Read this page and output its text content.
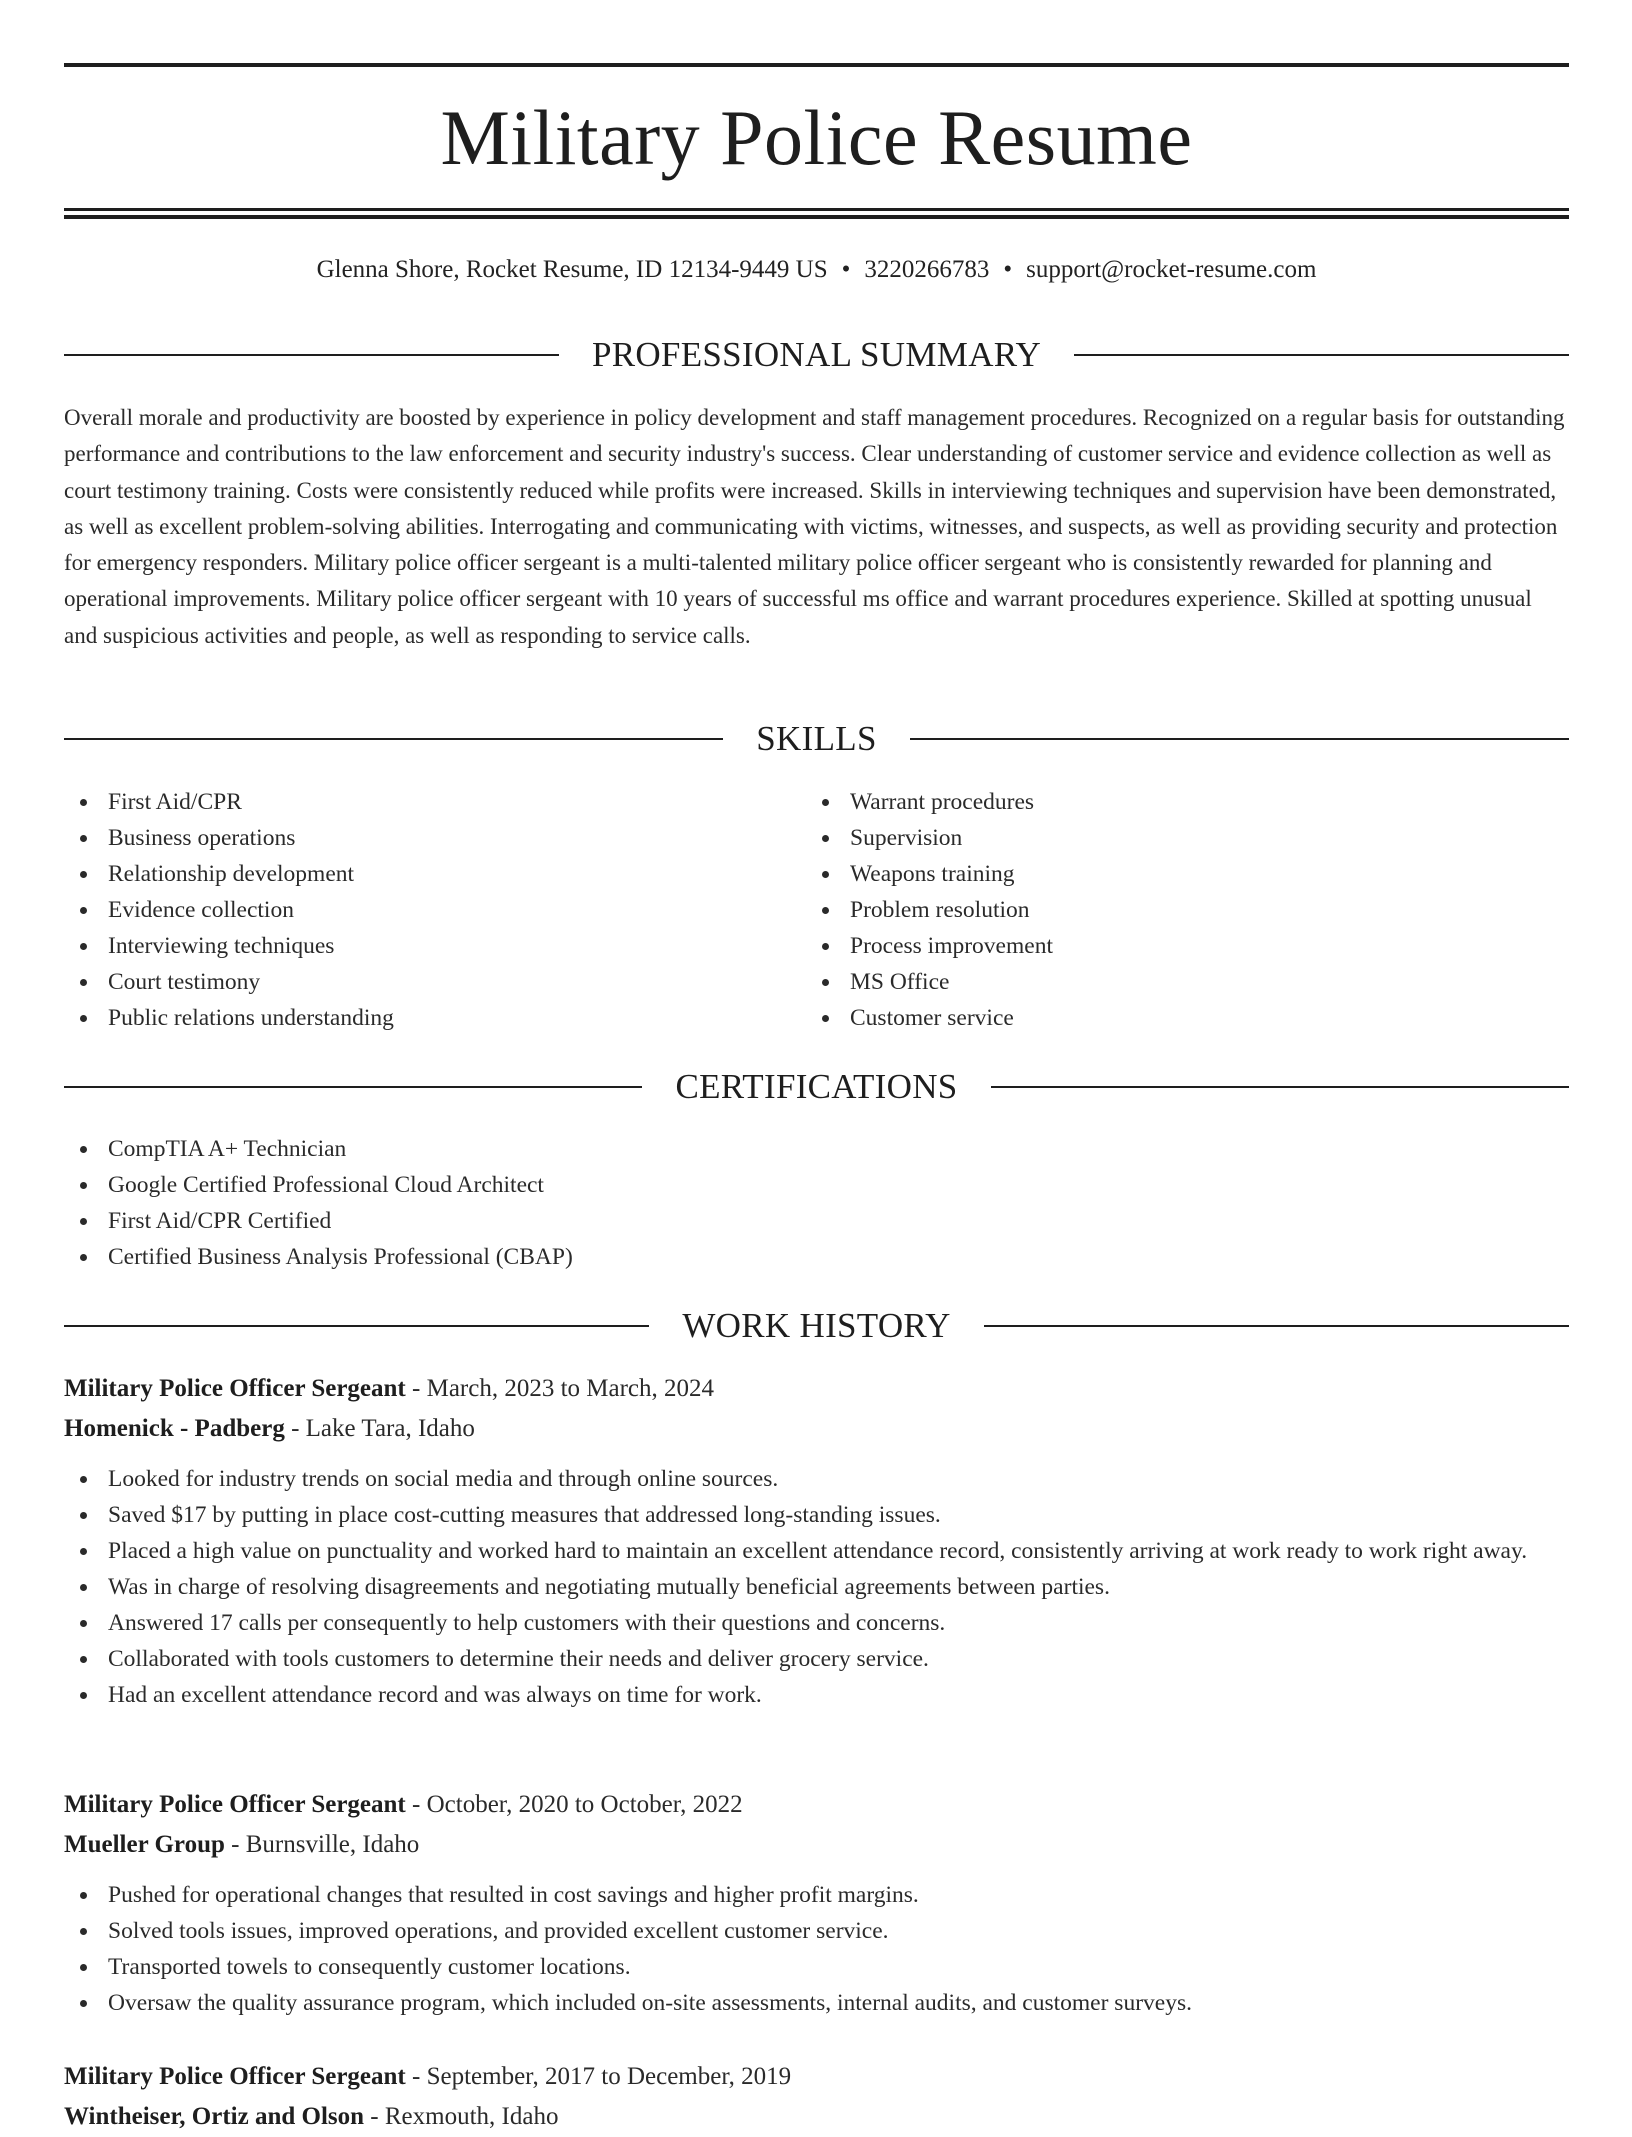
Military Police Resume
Glenna Shore, Rocket Resume, ID 12134-9449 US • 3220266783 • support@rocket-resume.com
PROFESSIONAL SUMMARY

Overall morale and productivity are boosted by experience in policy development and staff management procedures. Recognized on a regular basis for outstanding performance and contributions to the law enforcement and security industry's success. Clear understanding of customer service and evidence collection as well as court testimony training. Costs were consistently reduced while profits were increased. Skills in interviewing techniques and supervision have been demonstrated, as well as excellent problem-solving abilities. Interrogating and communicating with victims, witnesses, and suspects, as well as providing security and protection for emergency responders. Military police officer sergeant is a multi-talented military police officer sergeant who is consistently rewarded for planning and operational improvements. Military police officer sergeant with 10 years of successful ms office and warrant procedures experience. Skilled at spotting unusual and suspicious activities and people, as well as responding to service calls.

SKILLS
First Aid/CPR
Business operations
Relationship development
Evidence collection
Interviewing techniques
Court testimony
Public relations understanding
Warrant procedures
Supervision
Weapons training
Problem resolution
Process improvement
MS Office
Customer service
CERTIFICATIONS
CompTIA A+ Technician
Google Certified Professional Cloud Architect
First Aid/CPR Certified
Certified Business Analysis Professional (CBAP)
WORK HISTORY
Military Police Officer Sergeant - March, 2023 to March, 2024
Homenick - Padberg - Lake Tara, Idaho
Looked for industry trends on social media and through online sources.
Saved $17 by putting in place cost-cutting measures that addressed long-standing issues.
Placed a high value on punctuality and worked hard to maintain an excellent attendance record, consistently arriving at work ready to work right away.
Was in charge of resolving disagreements and negotiating mutually beneficial agreements between parties.
Answered 17 calls per consequently to help customers with their questions and concerns.
Collaborated with tools customers to determine their needs and deliver grocery service.
Had an excellent attendance record and was always on time for work.
Military Police Officer Sergeant - October, 2020 to October, 2022
Mueller Group - Burnsville, Idaho
Pushed for operational changes that resulted in cost savings and higher profit margins.
Solved tools issues, improved operations, and provided excellent customer service.
Transported towels to consequently customer locations.
Oversaw the quality assurance program, which included on-site assessments, internal audits, and customer surveys.
Military Police Officer Sergeant - September, 2017 to December, 2019
Wintheiser, Ortiz and Olson - Rexmouth, Idaho
